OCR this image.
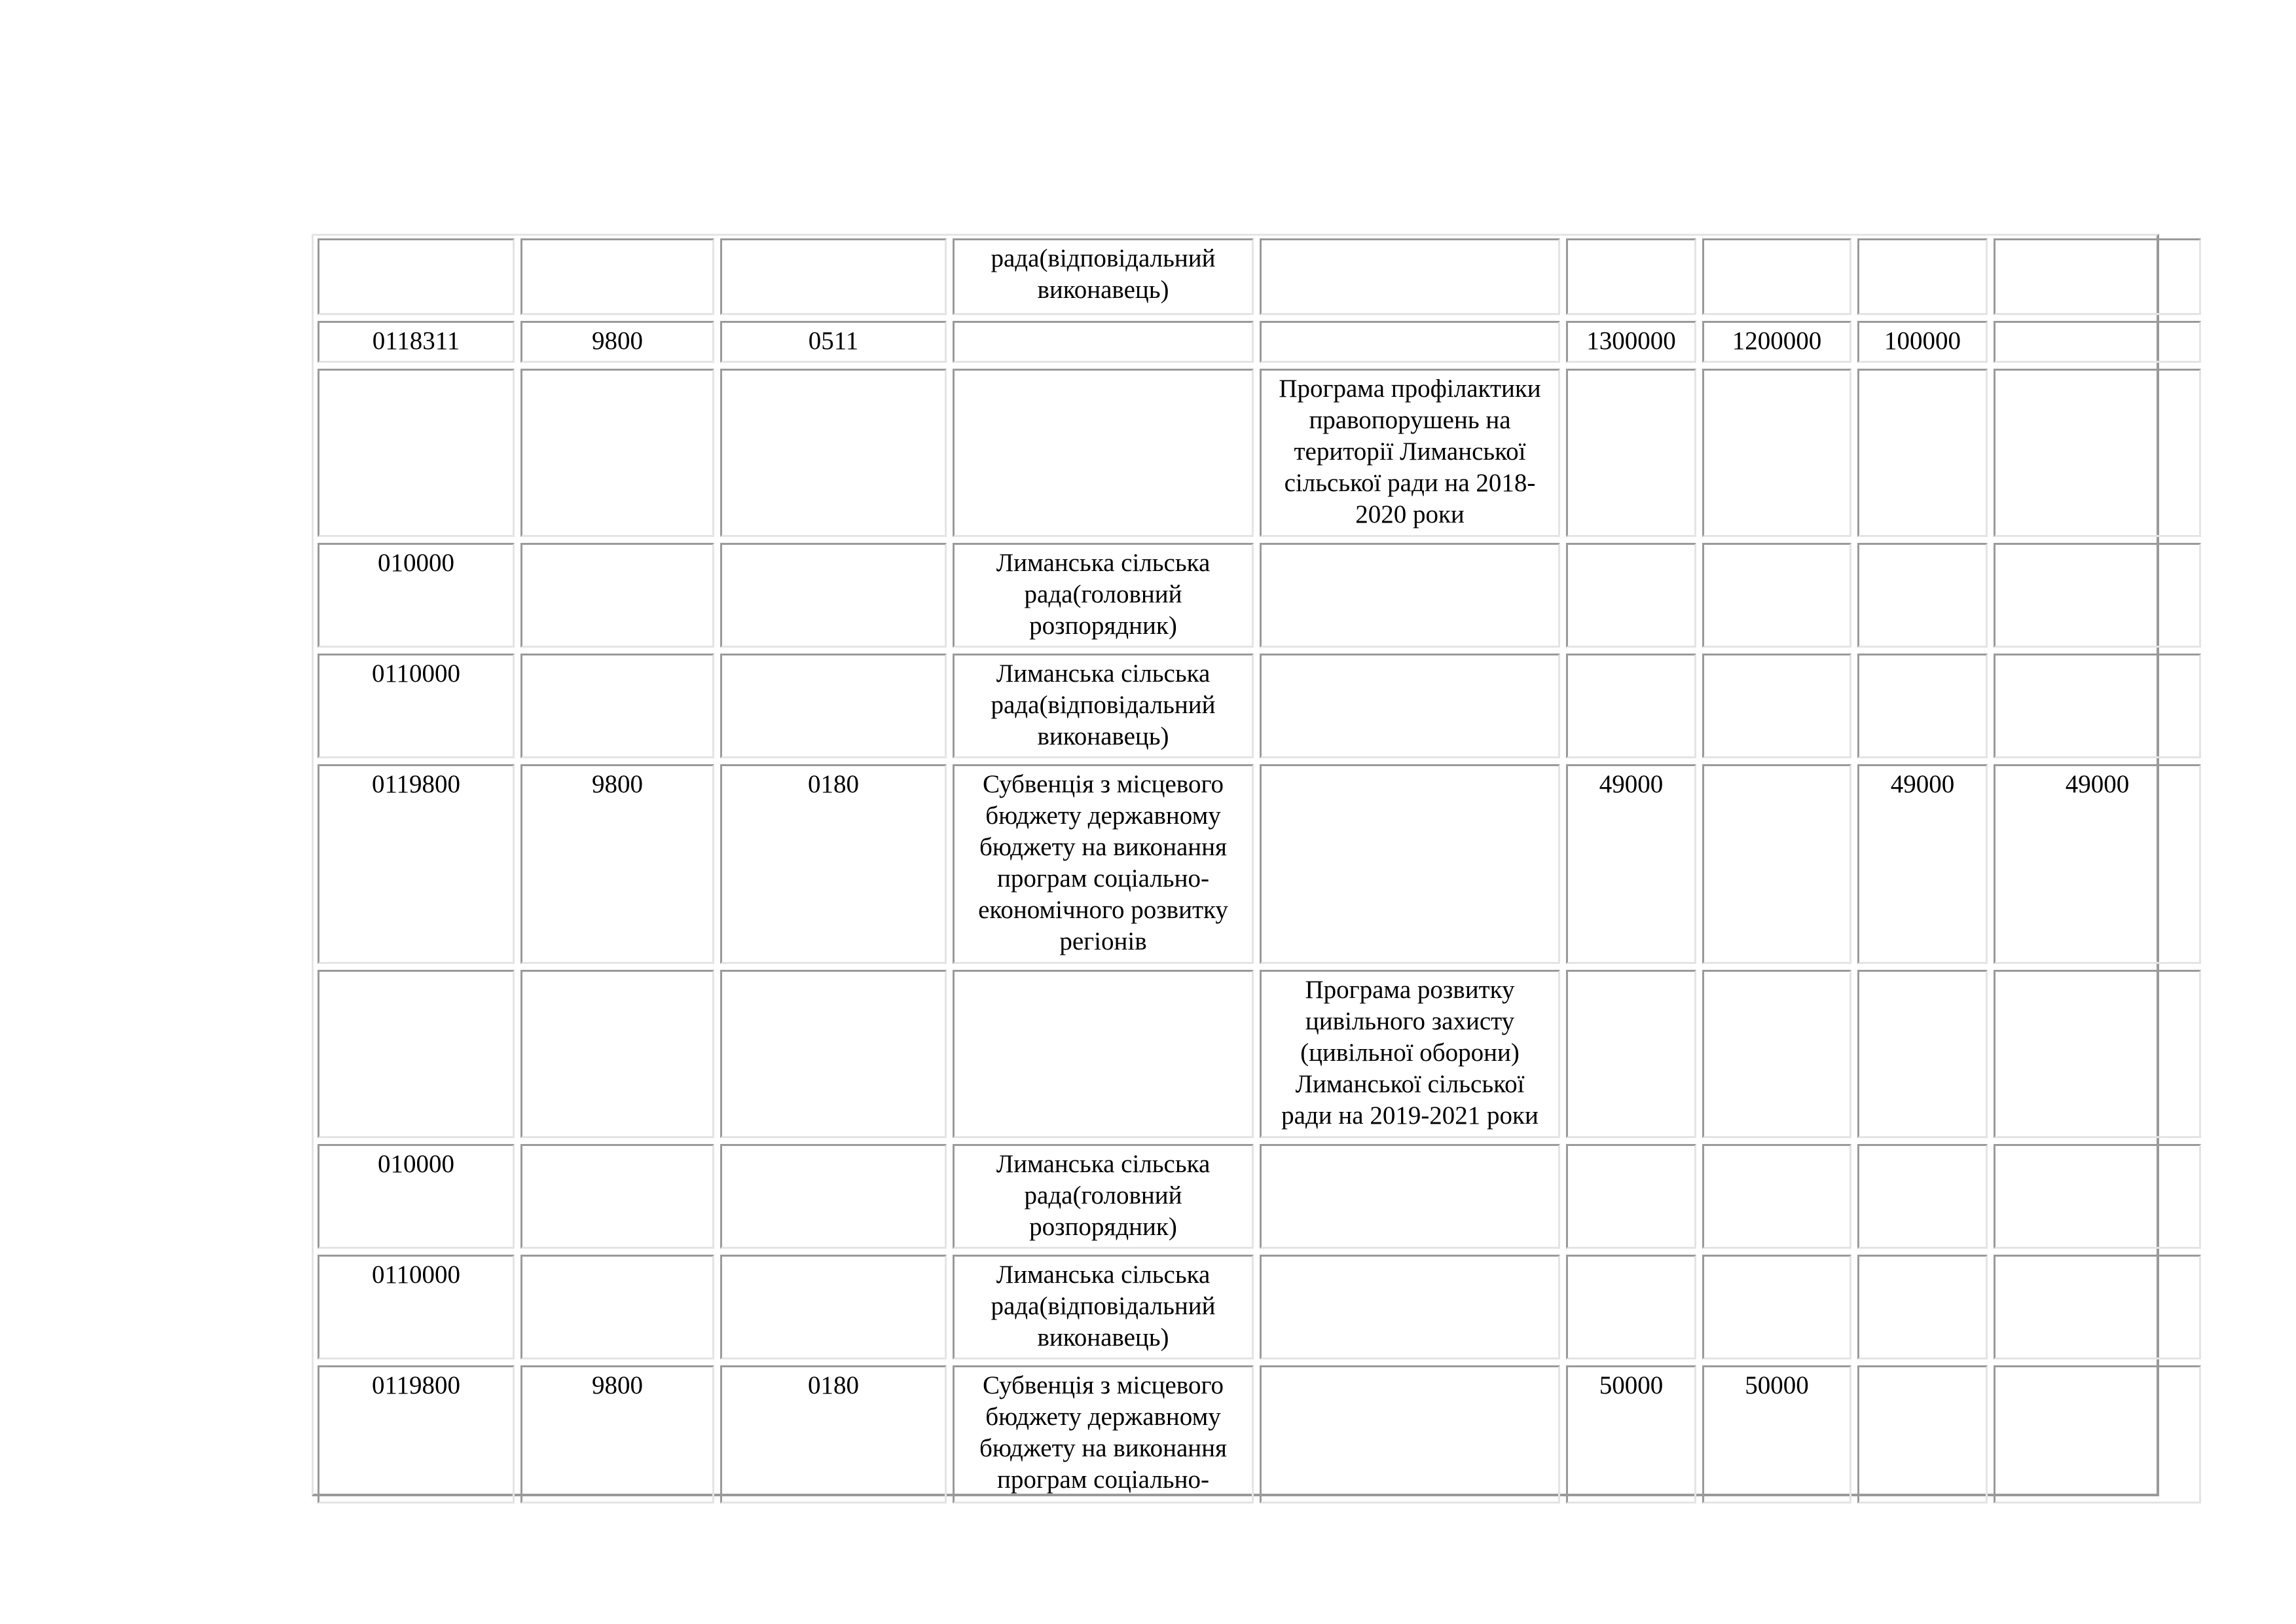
			рада(відповідальний виконавець)					

0118311	9800	0511			1300000	1200000	100000	

				Програма профілактики правопорушень на території Лиманської сільської ради на 2018-2020 роки				

010000			Лиманська сільська рада(головний розпорядник)					

0110000			Лиманська сільська рада(відповідальний виконавець)					

0119800	9800	0180	Субвенція з місцевого бюджету державному бюджету на виконання програм соціально-економічного розвитку регіонів		49000		49000	49000

				Програма розвитку цивільного захисту (цивільної оборони) Лиманської сільської ради на 2019-2021 роки				

010000			Лиманська сільська рада(головний розпорядник)					

0110000			Лиманська сільська рада(відповідальний виконавець)					

0119800	9800	0180	Субвенція з місцевого бюджету державному бюджету на виконання програм соціально-		50000	50000		
